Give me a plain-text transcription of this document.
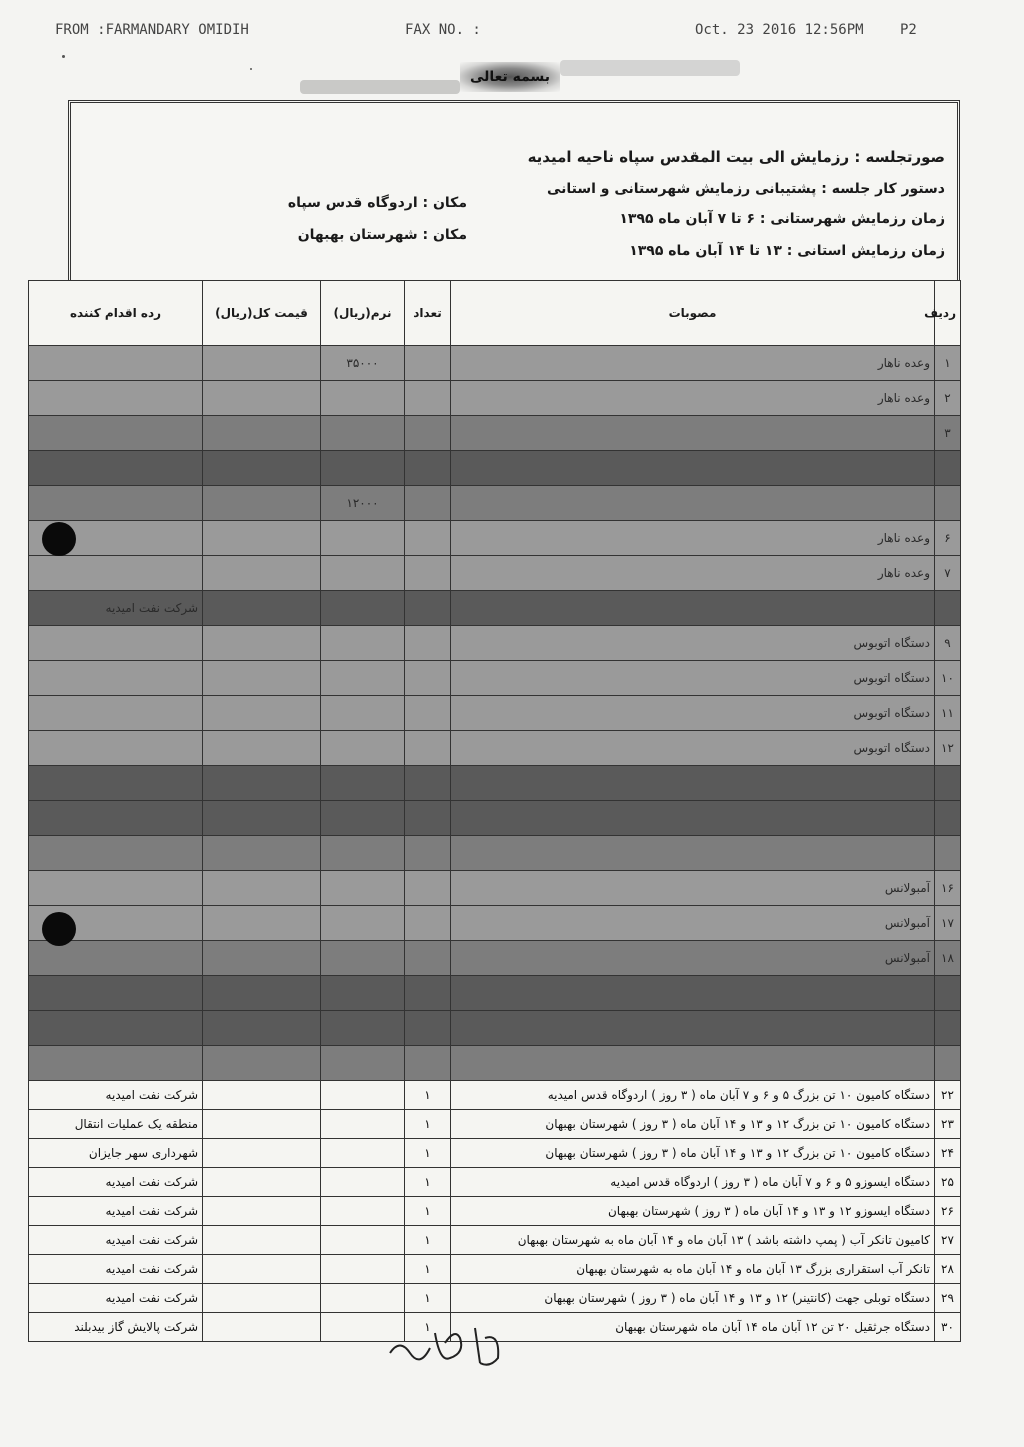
FROM :FARMANDARY OMIDIH	FAX NO. :	Oct. 23 2016 12:56PM	P2
بسمه تعالی
صورتجلسه : رزمایش الی بیت المقدس سپاه ناحیه امیدیه
دستور کار جلسه : پشتیبانی رزمایش شهرستانی و استانی
زمان رزمایش شهرستانی : ۶ تا ۷ آبان ماه ۱۳۹۵
زمان رزمایش استانی : ۱۳ تا ۱۴ آبان ماه ۱۳۹۵
مکان : اردوگاه قدس سپاه
مکان : شهرستان بهبهان
ردیف	مصوبات	تعداد	نرم(ریال)	قیمت کل(ریال)	رده اقدام کننده
۱	وعده ناهار		۳۵۰۰۰		
۲	وعده ناهار				
۳					

			۱۲۰۰۰		
۶	وعده ناهار				
۷	وعده ناهار				
					شرکت نفت امیدیه
۹	دستگاه اتوبوس				
۱۰	دستگاه اتوبوس				
۱۱	دستگاه اتوبوس				
۱۲	دستگاه اتوبوس				

۱۶	آمبولانس				
۱۷	آمبولانس				
۱۸	آمبولانس				

۲۲	دستگاه کامیون ۱۰ تن بزرگ ۵ و ۶ و ۷ آبان ماه ( ۳ روز ) اردوگاه قدس امیدیه	۱			شرکت نفت امیدیه
۲۳	دستگاه کامیون ۱۰ تن بزرگ ۱۲ و ۱۳ و ۱۴ آبان ماه ( ۳ روز ) شهرستان بهبهان	۱			منطقه یک عملیات انتقال
۲۴	دستگاه کامیون ۱۰ تن بزرگ ۱۲ و ۱۳ و ۱۴ آبان ماه ( ۳ روز ) شهرستان بهبهان	۱			شهرداری سهر جایزان
۲۵	دستگاه ایسوزو ۵ و ۶ و ۷ آبان ماه ( ۳ روز ) اردوگاه قدس امیدیه	۱			شرکت نفت امیدیه
۲۶	دستگاه ایسوزو ۱۲ و ۱۳ و ۱۴ آبان ماه ( ۳ روز ) شهرستان بهبهان	۱			شرکت نفت امیدیه
۲۷	کامیون تانکر آب ( پمپ داشته باشد ) ۱۳ آبان ماه و ۱۴ آبان ماه به شهرستان بهبهان	۱			شرکت نفت امیدیه
۲۸	تانکر آب استقراری بزرگ ۱۳ آبان ماه و ۱۴ آبان ماه به شهرستان بهبهان	۱			شرکت نفت امیدیه
۲۹	دستگاه توبلی جهت (کانتینر) ۱۲ و ۱۳ و ۱۴ آبان ماه ( ۳ روز ) شهرستان بهبهان	۱			شرکت نفت امیدیه
۳۰	دستگاه جرثقیل ۲۰ تن ۱۲ آبان ماه ۱۴ آبان ماه شهرستان بهبهان	۱			شرکت پالایش گاز بیدبلند
